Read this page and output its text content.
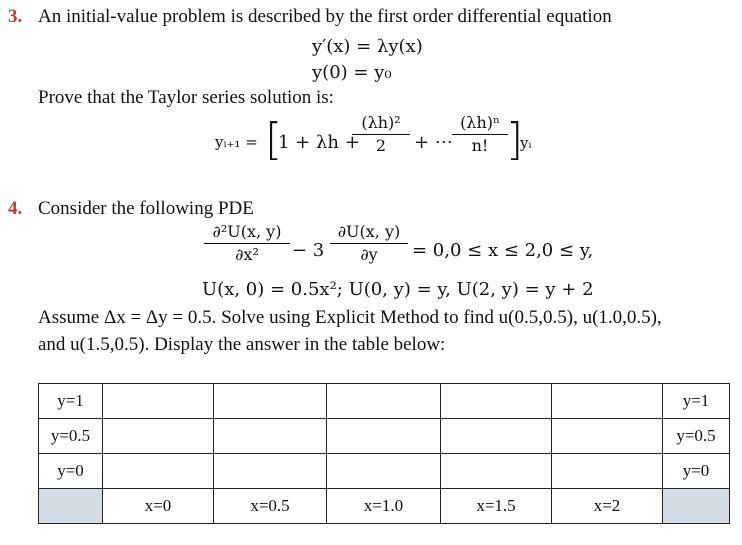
3. An initial-value problem is described by the first order differential equation
y′(x) = λy(x)
y(0) = y₀
Prove that the Taylor series solution is:
yᵢ₊₁ = [
1 + λh +
(λh)²
2	+ ⋯
(λh)ⁿ
n! ]
yᵢ
4. Consider the following PDE
∂²U(x, y)
∂x²	− 3
∂U(x, y)
∂y	= 0,0 ≤ x ≤ 2,0 ≤ y,
U(x, 0) = 0.5x²; U(0, y) = y, U(2, y) = y + 2
Assume Δx = Δy = 0.5. Solve using Explicit Method to find u(0.5,0.5), u(1.0,0.5),
and u(1.5,0.5). Display the answer in the table below:
y=1						y=1
y=0.5						y=0.5
y=0						y=0
	x=0	x=0.5	x=1.0	x=1.5	x=2	
